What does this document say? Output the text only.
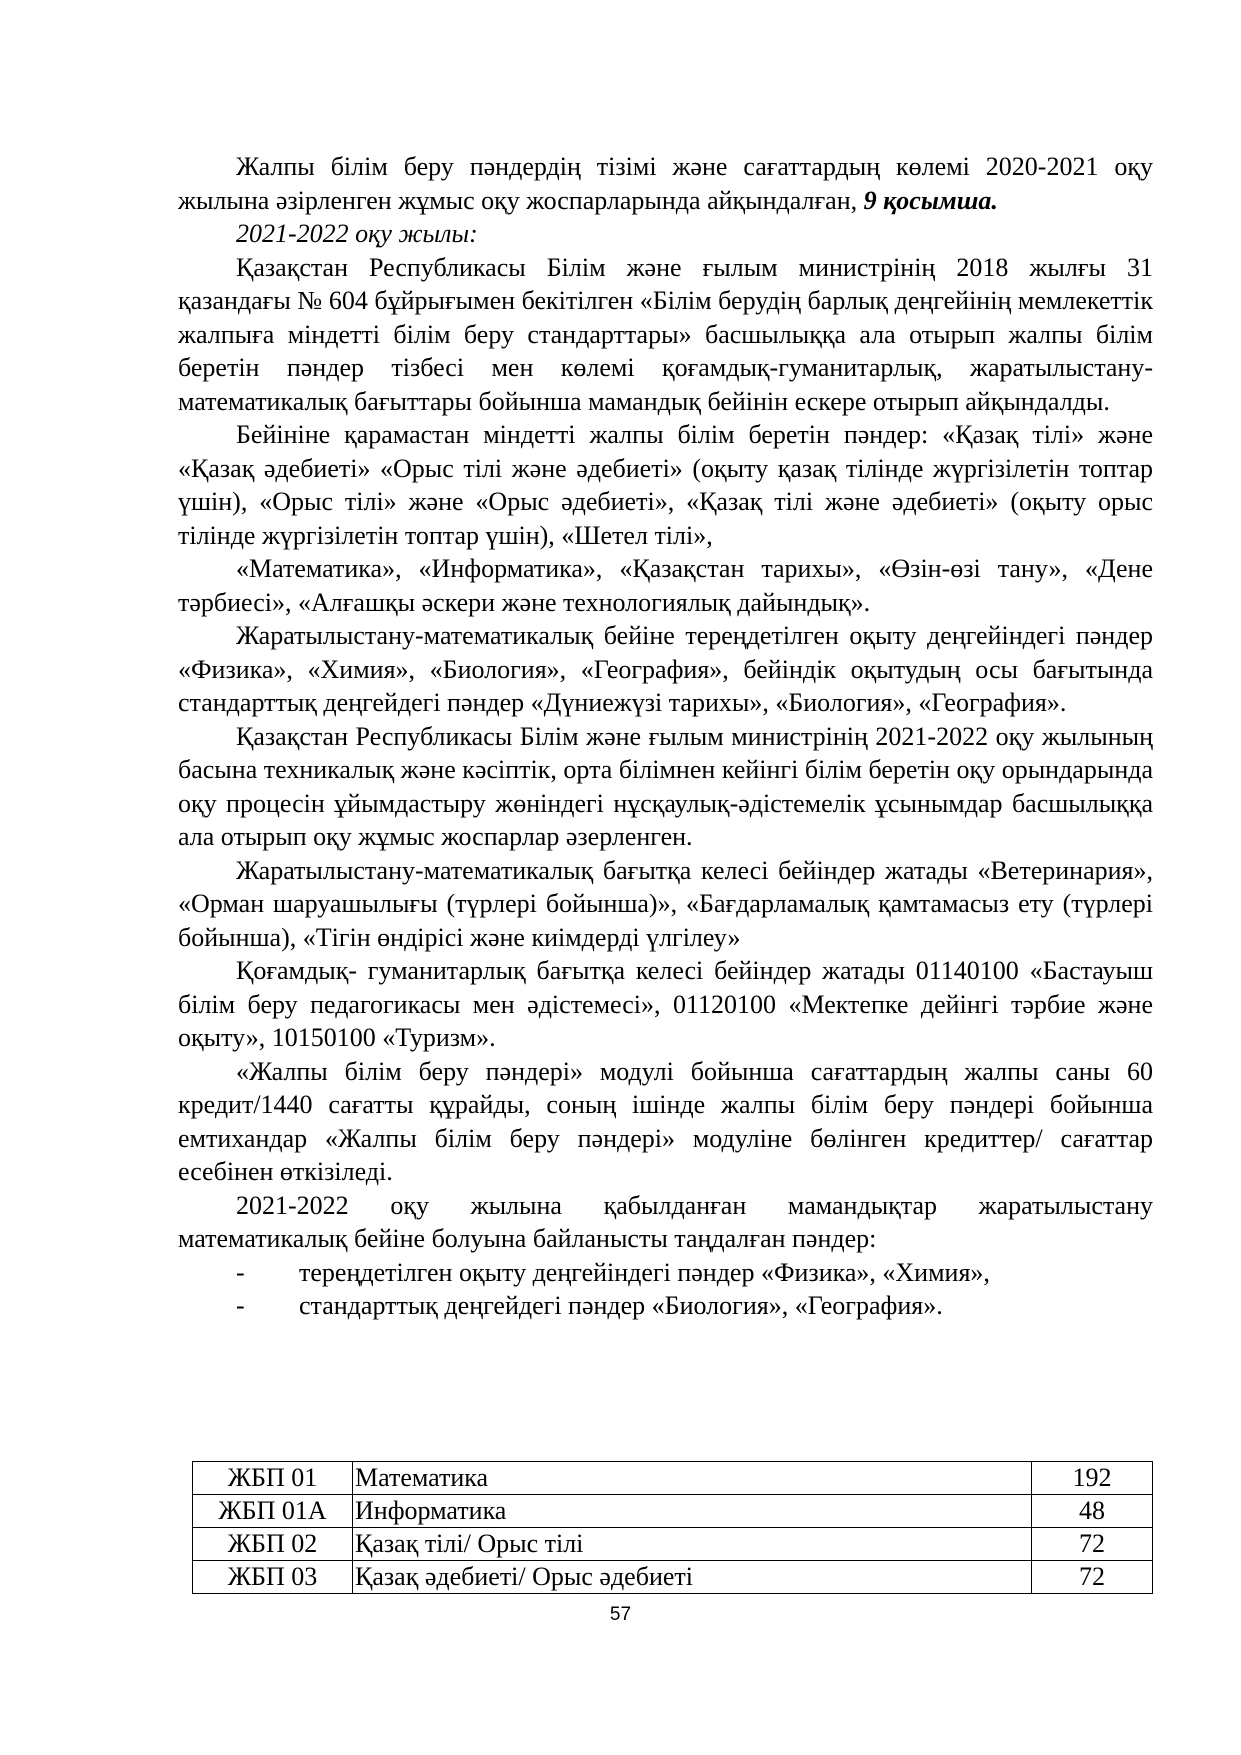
Жалпы білім беру пәндердің тізімі және сағаттардың көлемі 2020-2021 оқу жылына әзірленген жұмыс оқу жоспарларында айқындалған, 9 қосымша.

2021-2022 оқу жылы:

Қазақстан Республикасы Білім және ғылым министрінің 2018 жылғы 31 қазандағы № 604 бұйрығымен бекітілген «Білім берудің барлық деңгейінің мемлекеттік жалпыға міндетті білім беру стандарттары» басшылыққа ала отырып жалпы білім беретін пәндер тізбесі мен көлемі қоғамдық-гуманитарлық, жаратылыстану-математикалық бағыттары бойынша мамандық бейінін ескере отырып айқындалды.

Бейініне қарамастан міндетті жалпы білім беретін пәндер: «Қазақ тілі» және «Қазақ әдебиеті» «Орыс тілі және әдебиеті» (оқыту қазақ тілінде жүргізілетін топтар үшін), «Орыс тілі» және «Орыс әдебиеті», «Қазақ тілі және әдебиеті» (оқыту орыс тілінде жүргізілетін топтар үшін), «Шетел тілі»,

«Математика», «Информатика», «Қазақстан тарихы», «Өзін-өзі тану», «Дене тәрбиесі», «Алғашқы әскери және технологиялық дайындық».

Жаратылыстану-математикалық бейіне тереңдетілген оқыту деңгейіндегі пәндер «Физика», «Химия», «Биология», «География», бейіндік оқытудың осы бағытында стандарттық деңгейдегі пәндер «Дүниежүзі тарихы», «Биология», «География».

Қазақстан Республикасы Білім және ғылым министрінің 2021-2022 оқу жылының басына техникалық және кәсіптік, орта білімнен кейінгі білім беретін оқу орындарында оқу процесін ұйымдастыру жөніндегі нұсқаулық-әдістемелік ұсынымдар басшылыққа ала отырып оқу жұмыс жоспарлар әзерленген.

Жаратылыстану-математикалық бағытқа келесі бейіндер жатады «Ветеринария», «Орман шаруашылығы (түрлері бойынша)», «Бағдарламалық қамтамасыз ету (түрлері бойынша), «Тігін өндірісі және киімдерді үлгілеу»

Қоғамдық- гуманитарлық бағытқа келесі бейіндер жатады 01140100 «Бастауыш білім беру педагогикасы мен әдістемесі», 01120100 «Мектепке дейінгі тәрбие және оқыту», 10150100 «Туризм».

«Жалпы білім беру пәндері» модулі бойынша сағаттардың жалпы саны 60 кредит/1440 сағатты құрайды, соның ішінде жалпы білім беру пәндері бойынша емтихандар «Жалпы білім беру пәндері» модуліне бөлінген кредиттер/ сағаттар есебінен өткізіледі.

2021-2022 оқу жылына қабылданған мамандықтар жаратылыстану математикалық бейіне болуына байланысты таңдалған пәндер:

- тереңдетілген оқыту деңгейіндегі пәндер «Физика», «Химия»,

- стандарттық деңгейдегі пәндер «Биология», «География».

ЖБП 01	Математика	192
ЖБП 01А	Информатика	48
ЖБП 02	Қазақ тілі/ Орыс тілі	72
ЖБП 03	Қазақ әдебиеті/ Орыс әдебиеті	72
57
